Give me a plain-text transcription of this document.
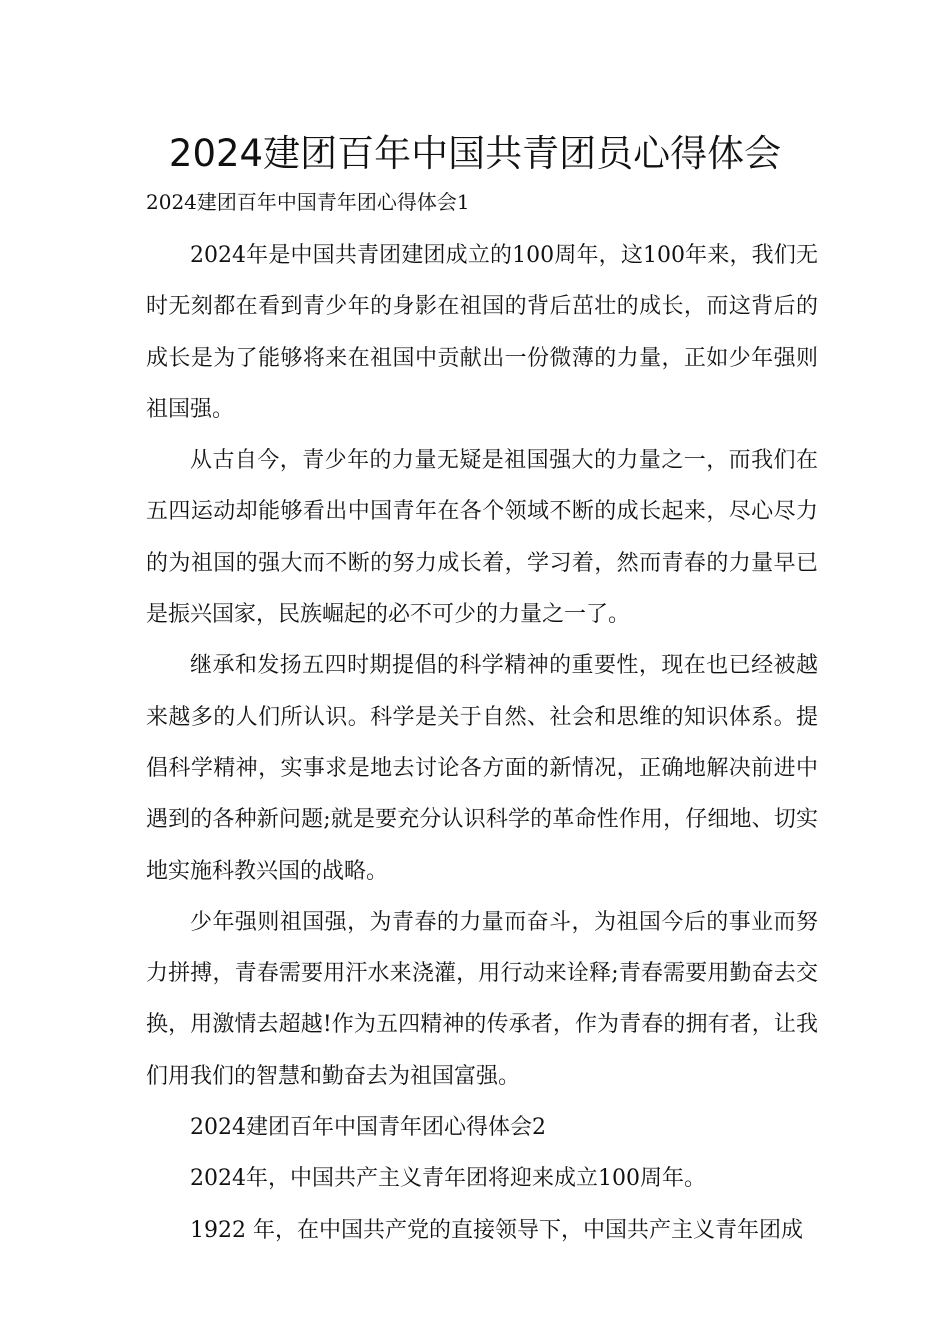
2024建团百年中国共青团员心得体会
2024建团百年中国青年团心得体会1

2024年是中国共青团建团成立的100周年，这100年来，我们无时无刻都在看到青少年的身影在祖国的背后茁壮的成长，而这背后的成长是为了能够将来在祖国中贡献出一份微薄的力量，正如少年强则祖国强。

从古自今，青少年的力量无疑是祖国强大的力量之一，而我们在五四运动却能够看出中国青年在各个领域不断的成长起来，尽心尽力的为祖国的强大而不断的努力成长着，学习着，然而青春的力量早已是振兴国家，民族崛起的必不可少的力量之一了。

继承和发扬五四时期提倡的科学精神的重要性，现在也已经被越来越多的人们所认识。科学是关于自然、社会和思维的知识体系。提倡科学精神，实事求是地去讨论各方面的新情况，正确地解决前进中遇到的各种新问题;就是要充分认识科学的革命性作用，仔细地、切实地实施科教兴国的战略。

少年强则祖国强，为青春的力量而奋斗，为祖国今后的事业而努力拼搏，青春需要用汗水来浇灌，用行动来诠释;青春需要用勤奋去交换，用激情去超越!作为五四精神的传承者，作为青春的拥有者，让我们用我们的智慧和勤奋去为祖国富强。

2024建团百年中国青年团心得体会2

2024年，中国共产主义青年团将迎来成立100周年。

1922 年，在中国共产党的直接领导下，中国共产主义青年团成
